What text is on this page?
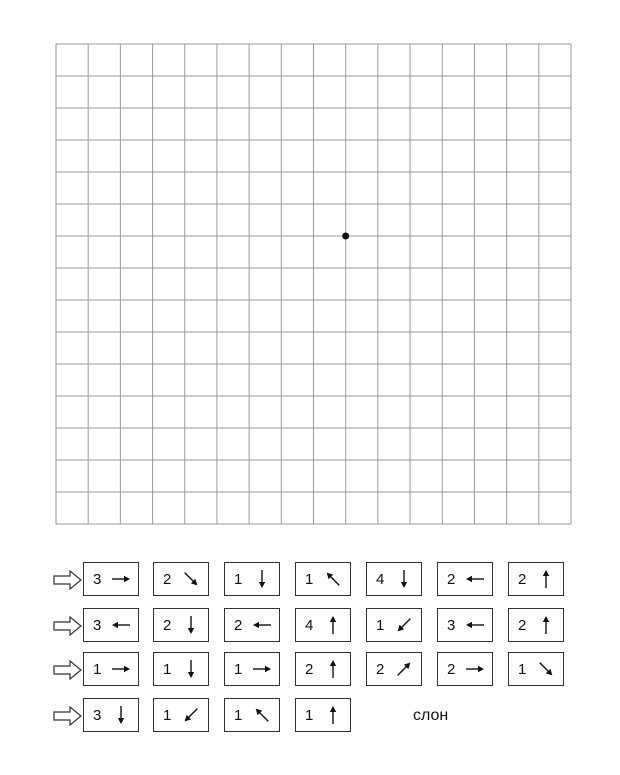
3	2	1	1	4	2	2
3	2	2	4	1	3	2
1	1	1	2	2	2	1
3	1	1	1	слон
